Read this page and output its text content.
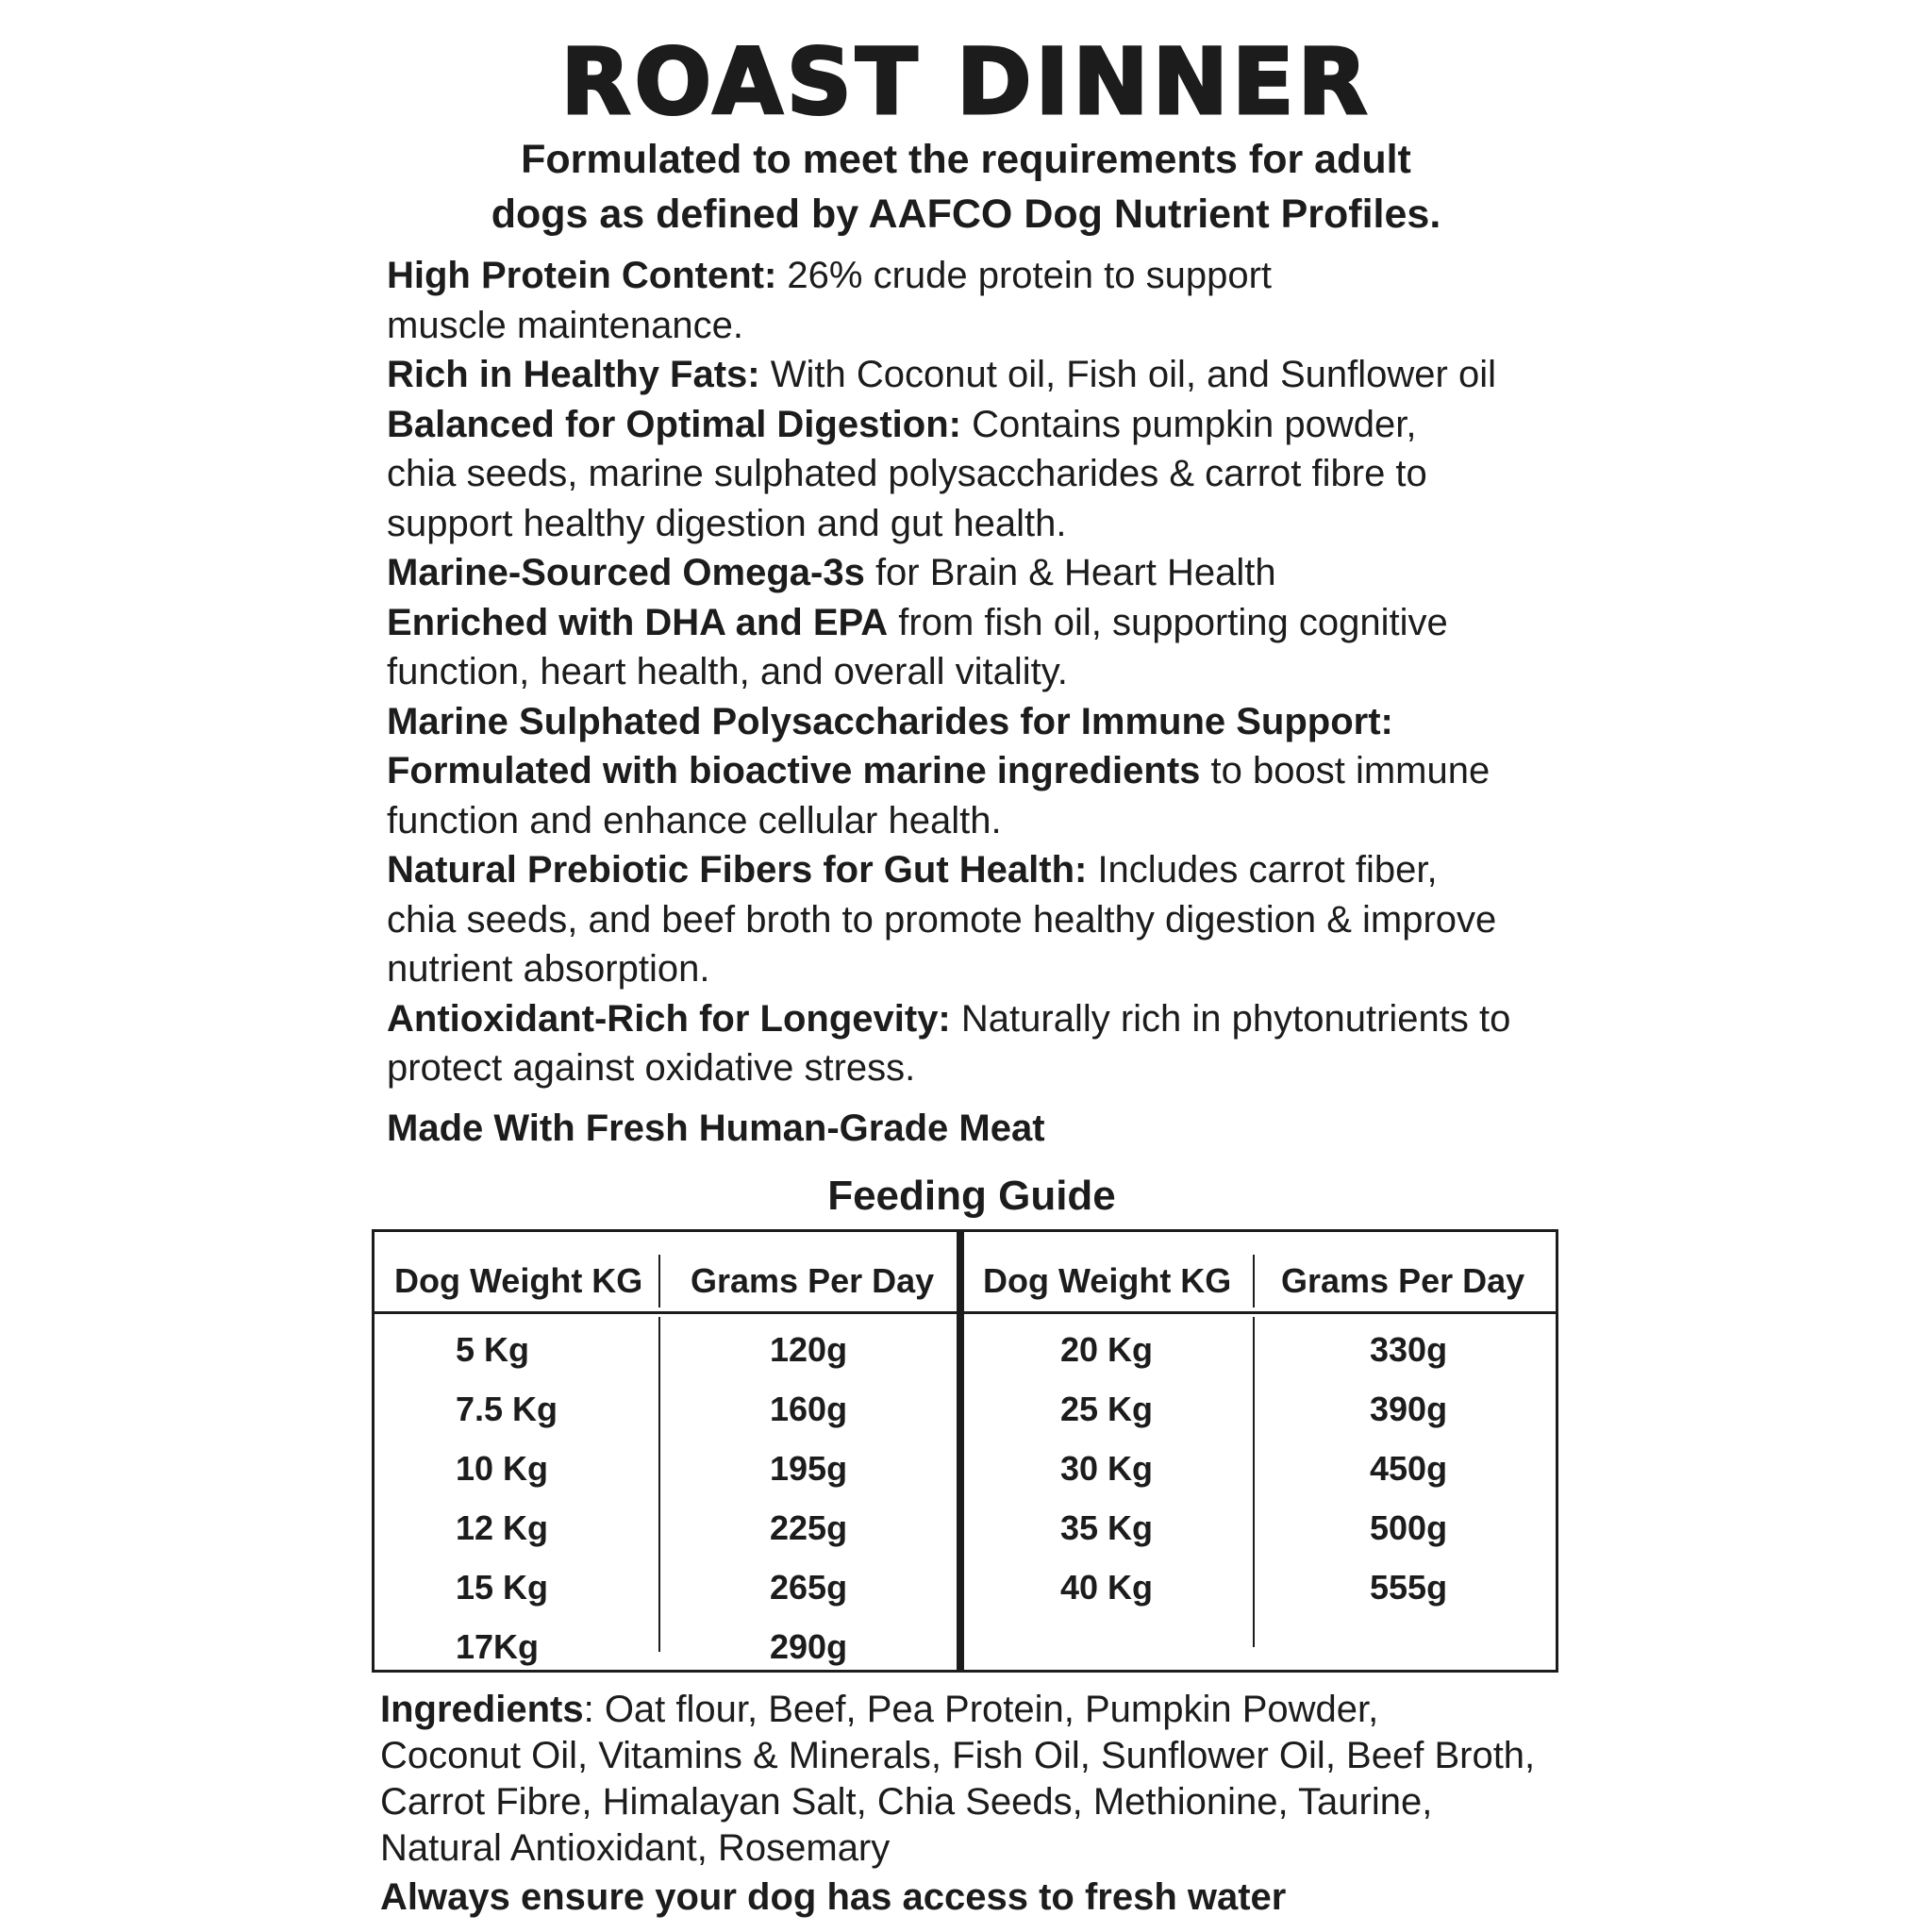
ROAST DINNER
Formulated to meet the requirements for adult
dogs as defined by AAFCO Dog Nutrient Profiles.

High Protein Content: 26% crude protein to support

muscle maintenance.

Rich in Healthy Fats: With Coconut oil, Fish oil, and Sunflower oil

Balanced for Optimal Digestion: Contains pumpkin powder,

chia seeds, marine sulphated polysaccharides & carrot fibre to

support healthy digestion and gut health.

Marine-Sourced Omega-3s for Brain & Heart Health

Enriched with DHA and EPA from fish oil, supporting cognitive

function, heart health, and overall vitality.

Marine Sulphated Polysaccharides for Immune Support:

Formulated with bioactive marine ingredients to boost immune

function and enhance cellular health.

Natural Prebiotic Fibers for Gut Health: Includes carrot fiber,

chia seeds, and beef broth to promote healthy digestion & improve

nutrient absorption.

Antioxidant-Rich for Longevity: Naturally rich in phytonutrients to

protect against oxidative stress.

Made With Fresh Human-Grade Meat
Feeding Guide
Dog Weight KG Grams Per Day
5 Kg	120g
7.5 Kg	160g
10 Kg	195g
12 Kg	225g
15 Kg	265g
17Kg	290g
Dog Weight KG Grams Per Day
20 Kg	330g
25 Kg	390g
30 Kg	450g
35 Kg	500g
40 Kg	555g

Ingredients: Oat flour, Beef, Pea Protein, Pumpkin Powder,

Coconut Oil, Vitamins & Minerals, Fish Oil, Sunflower Oil, Beef Broth,

Carrot Fibre, Himalayan Salt, Chia Seeds, Methionine, Taurine,

Natural Antioxidant, Rosemary

Always ensure your dog has access to fresh water
